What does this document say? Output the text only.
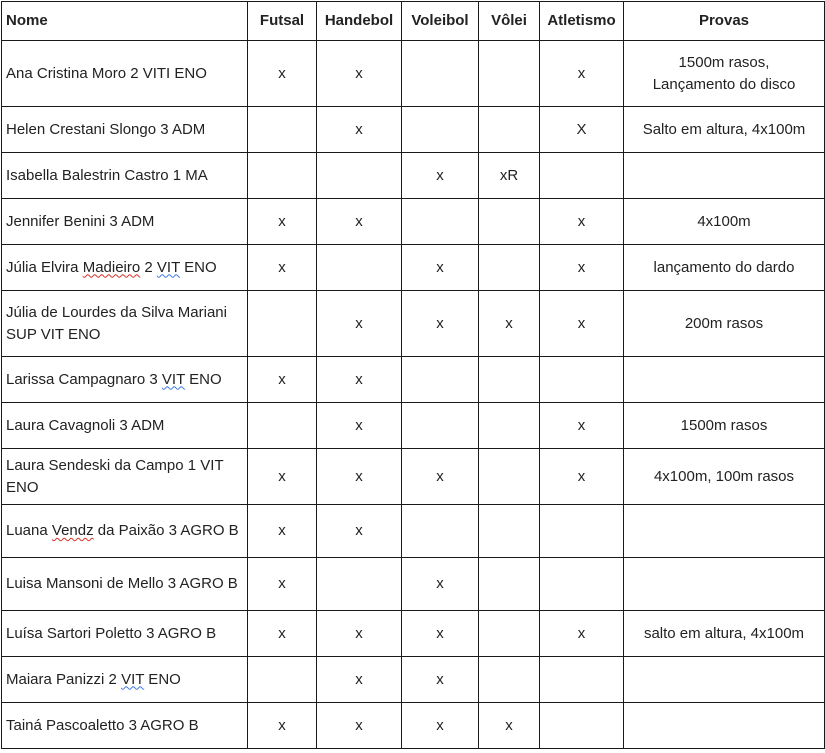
Nome	Futsal	Handebol	Voleibol	Vôlei	Atletismo	Provas
Ana Cristina Moro 2 VITI ENO	x	x			x	1500m rasos,
Lançamento do disco
Helen Crestani Slongo 3 ADM		x			X	Salto em altura, 4x100m
Isabella Balestrin Castro 1 MA			x	xR		
Jennifer Benini 3 ADM	x	x			x	4x100m
Júlia Elvira Madieiro 2 VIT ENO	x		x		x	lançamento do dardo
Júlia de Lourdes da Silva Mariani SUP VIT ENO		x	x	x	x	200m rasos
Larissa Campagnaro 3 VIT ENO	x	x				
Laura Cavagnoli 3 ADM		x			x	1500m rasos
Laura Sendeski da Campo 1 VIT ENO	x	x	x		x	4x100m, 100m rasos
Luana Vendz da Paixão 3 AGRO B	x	x				
Luisa Mansoni de Mello 3 AGRO B	x		x			
Luísa Sartori Poletto 3 AGRO B	x	x	x		x	salto em altura, 4x100m
Maiara Panizzi 2 VIT ENO		x	x			
Tainá Pascoaletto 3 AGRO B	x	x	x	x		
